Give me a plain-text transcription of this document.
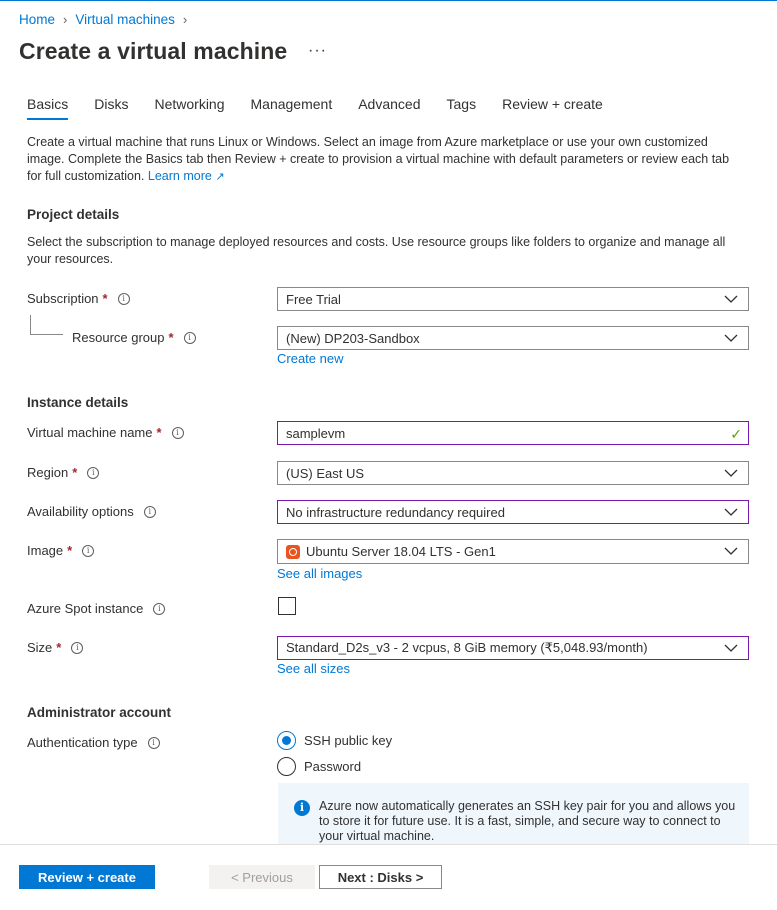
Home › Virtual machines ›
Create a virtual machine ···
Basics Disks Networking Management Advanced Tags Review + create

Create a virtual machine that runs Linux or Windows. Select an image from Azure marketplace or use your own customized image. Complete the Basics tab then Review + create to provision a virtual machine with default parameters or review each tab for full customization. Learn more ↗

Project details

Select the subscription to manage deployed resources and costs. Use resource groups like folders to organize and manage all your resources.

Subscription *	i	Free Trial
Resource group *	i	(New) DP203-Sandbox
Create new
Instance details
Virtual machine name *	i	samplevm	✓
Region *	i	(US) East US
Availability options	i	No infrastructure redundancy required
Image *	i	Ubuntu Server 18.04 LTS - Gen1
See all images
Azure Spot instance	i
Size *	i	Standard_D2s_v3 - 2 vcpus, 8 GiB memory (₹5,048.93/month)
See all sizes
Administrator account
Authentication type	i	SSH public key
Password
i	Azure now automatically generates an SSH key pair for you and allows you to store it for future use. It is a fast, simple, and secure way to connect to your virtual machine.
Review + create	< Previous	Next : Disks >
